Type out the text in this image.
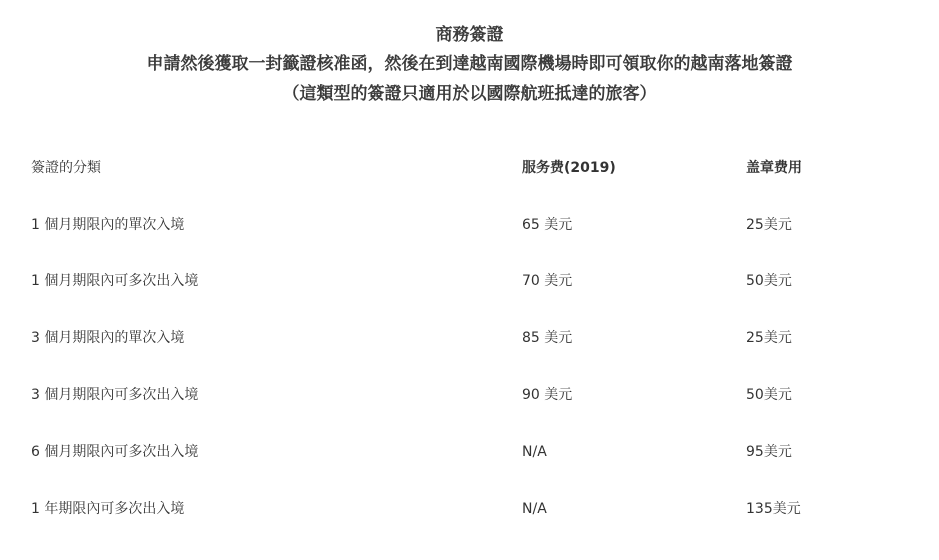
商務簽證
申請然後獲取一封籤證核准函，然後在到達越南國際機場時即可領取你的越南落地簽證
（這類型的簽證只適用於以國際航班抵達的旅客）
簽證的分類	服务费(2019)	盖章费用
1 個月期限內的單次入境	65 美元	25美元
1 個月期限內可多次出入境	70 美元	50美元
3 個月期限內的單次入境	85 美元	25美元
3 個月期限內可多次出入境	90 美元	50美元
6 個月期限內可多次出入境	N/A	95美元
1 年期限內可多次出入境	N/A	135美元
